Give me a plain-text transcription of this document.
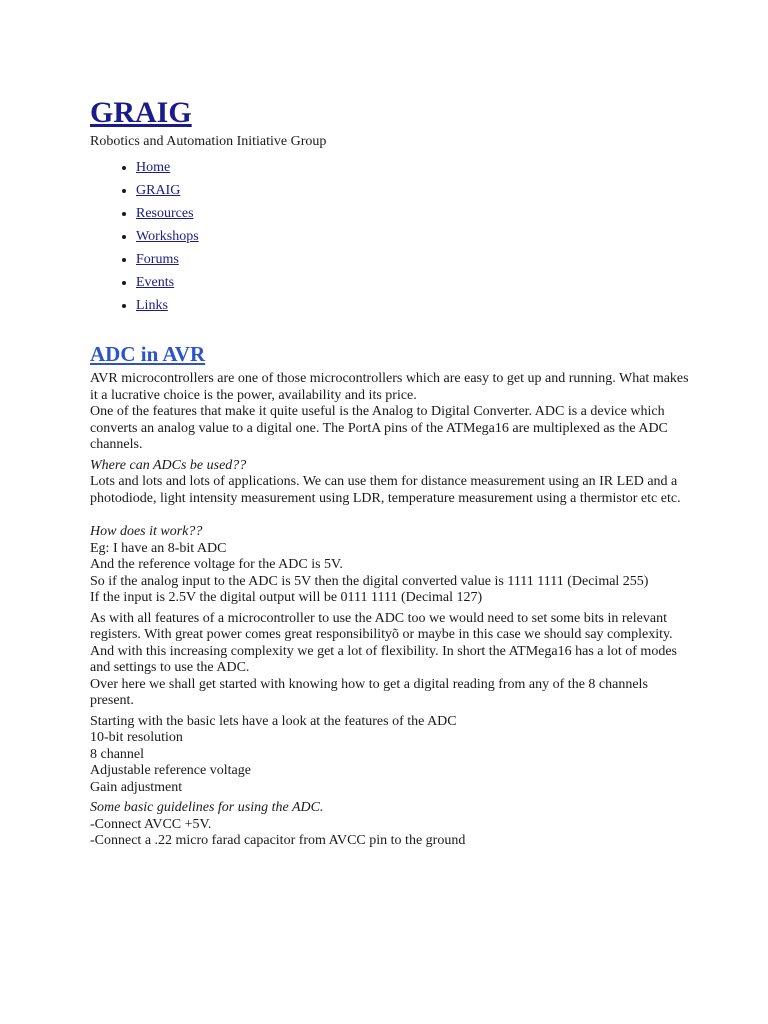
GRAIG

Robotics and Automation Initiative Group

• Home
• GRAIG
• Resources
• Workshops
• Forums
• Events
• Links
ADC in AVR

AVR microcontrollers are one of those microcontrollers which are easy to get up and running. What makes it a lucrative choice is the power, availability and its price.

One of the features that make it quite useful is the Analog to Digital Converter. ADC is a device which converts an analog value to a digital one. The PortA pins of the ATMega16 are multiplexed as the ADC channels.

Where can ADCs be used??

Lots and lots and lots of applications. We can use them for distance measurement using an IR LED and a photodiode, light intensity measurement using LDR, temperature measurement using a thermistor etc etc.

How does it work??

Eg: I have an 8-bit ADC

And the reference voltage for the ADC is 5V.

So if the analog input to the ADC is 5V then the digital converted value is 1111 1111 (Decimal 255)

If the input is 2.5V the digital output will be 0111 1111 (Decimal 127)

As with all features of a microcontroller to use the ADC too we would need to set some bits in relevant registers. With great power comes great responsibilityõ or maybe in this case we should say complexity. And with this increasing complexity we get a lot of flexibility. In short the ATMega16 has a lot of modes and settings to use the ADC.

Over here we shall get started with knowing how to get a digital reading from any of the 8 channels present.

Starting with the basic lets have a look at the features of the ADC

10-bit resolution

8 channel

Adjustable reference voltage

Gain adjustment

Some basic guidelines for using the ADC.

-Connect AVCC +5V.

-Connect a .22 micro farad capacitor from AVCC pin to the ground
